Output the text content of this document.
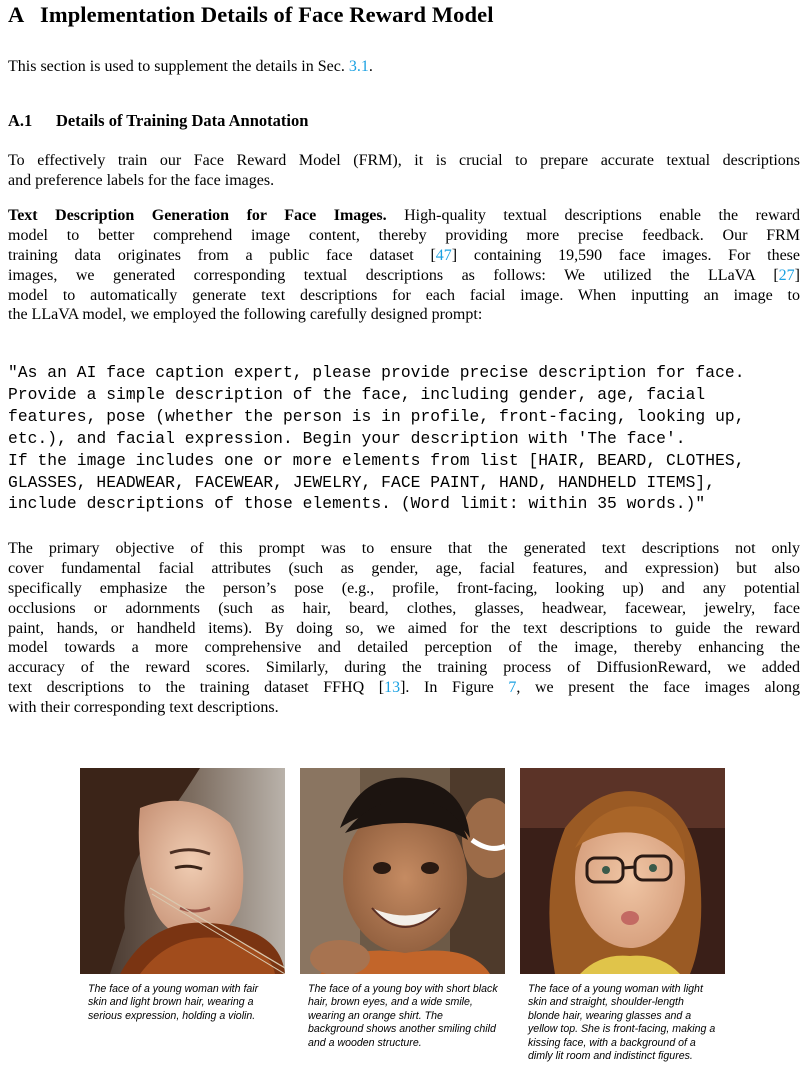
A Implementation Details of Face Reward Model
This section is used to supplement the details in Sec. 3.1.
A.1 Details of Training Data Annotation
To effectively train our Face Reward Model (FRM), it is crucial to prepare accurate textual descriptions
and preference labels for the face images.
Text Description Generation for Face Images. High-quality textual descriptions enable the reward
model to better comprehend image content, thereby providing more precise feedback. Our FRM
training data originates from a public face dataset [47] containing 19,590 face images. For these
images, we generated corresponding textual descriptions as follows: We utilized the LLaVA [27]
model to automatically generate text descriptions for each facial image. When inputting an image to
the LLaVA model, we employed the following carefully designed prompt:
"As an AI face caption expert, please provide precise description for face.
Provide a simple description of the face, including gender, age, facial
features, pose (whether the person is in profile, front-facing, looking up,
etc.), and facial expression. Begin your description with 'The face'.
If the image includes one or more elements from list [HAIR, BEARD, CLOTHES,
GLASSES, HEADWEAR, FACEWEAR, JEWELRY, FACE PAINT, HAND, HANDHELD ITEMS],
include descriptions of those elements. (Word limit: within 35 words.)"
The primary objective of this prompt was to ensure that the generated text descriptions not only
cover fundamental facial attributes (such as gender, age, facial features, and expression) but also
specifically emphasize the person’s pose (e.g., profile, front-facing, looking up) and any potential
occlusions or adornments (such as hair, beard, clothes, glasses, headwear, facewear, jewelry, face
paint, hands, or handheld items). By doing so, we aimed for the text descriptions to guide the reward
model towards a more comprehensive and detailed perception of the image, thereby enhancing the
accuracy of the reward scores. Similarly, during the training process of DiffusionReward, we added
text descriptions to the training dataset FFHQ [13]. In Figure 7, we present the face images along
with their corresponding text descriptions.
The face of a young woman with fair skin and light brown hair, wearing a serious expression, holding a violin.
The face of a young boy with short black hair, brown eyes, and a wide smile, wearing an orange shirt. The background shows another smiling child and a wooden structure.
The face of a young woman with light skin and straight, shoulder-length blonde hair, wearing glasses and a yellow top. She is front-facing, making a kissing face, with a background of a dimly lit room and indistinct figures.
